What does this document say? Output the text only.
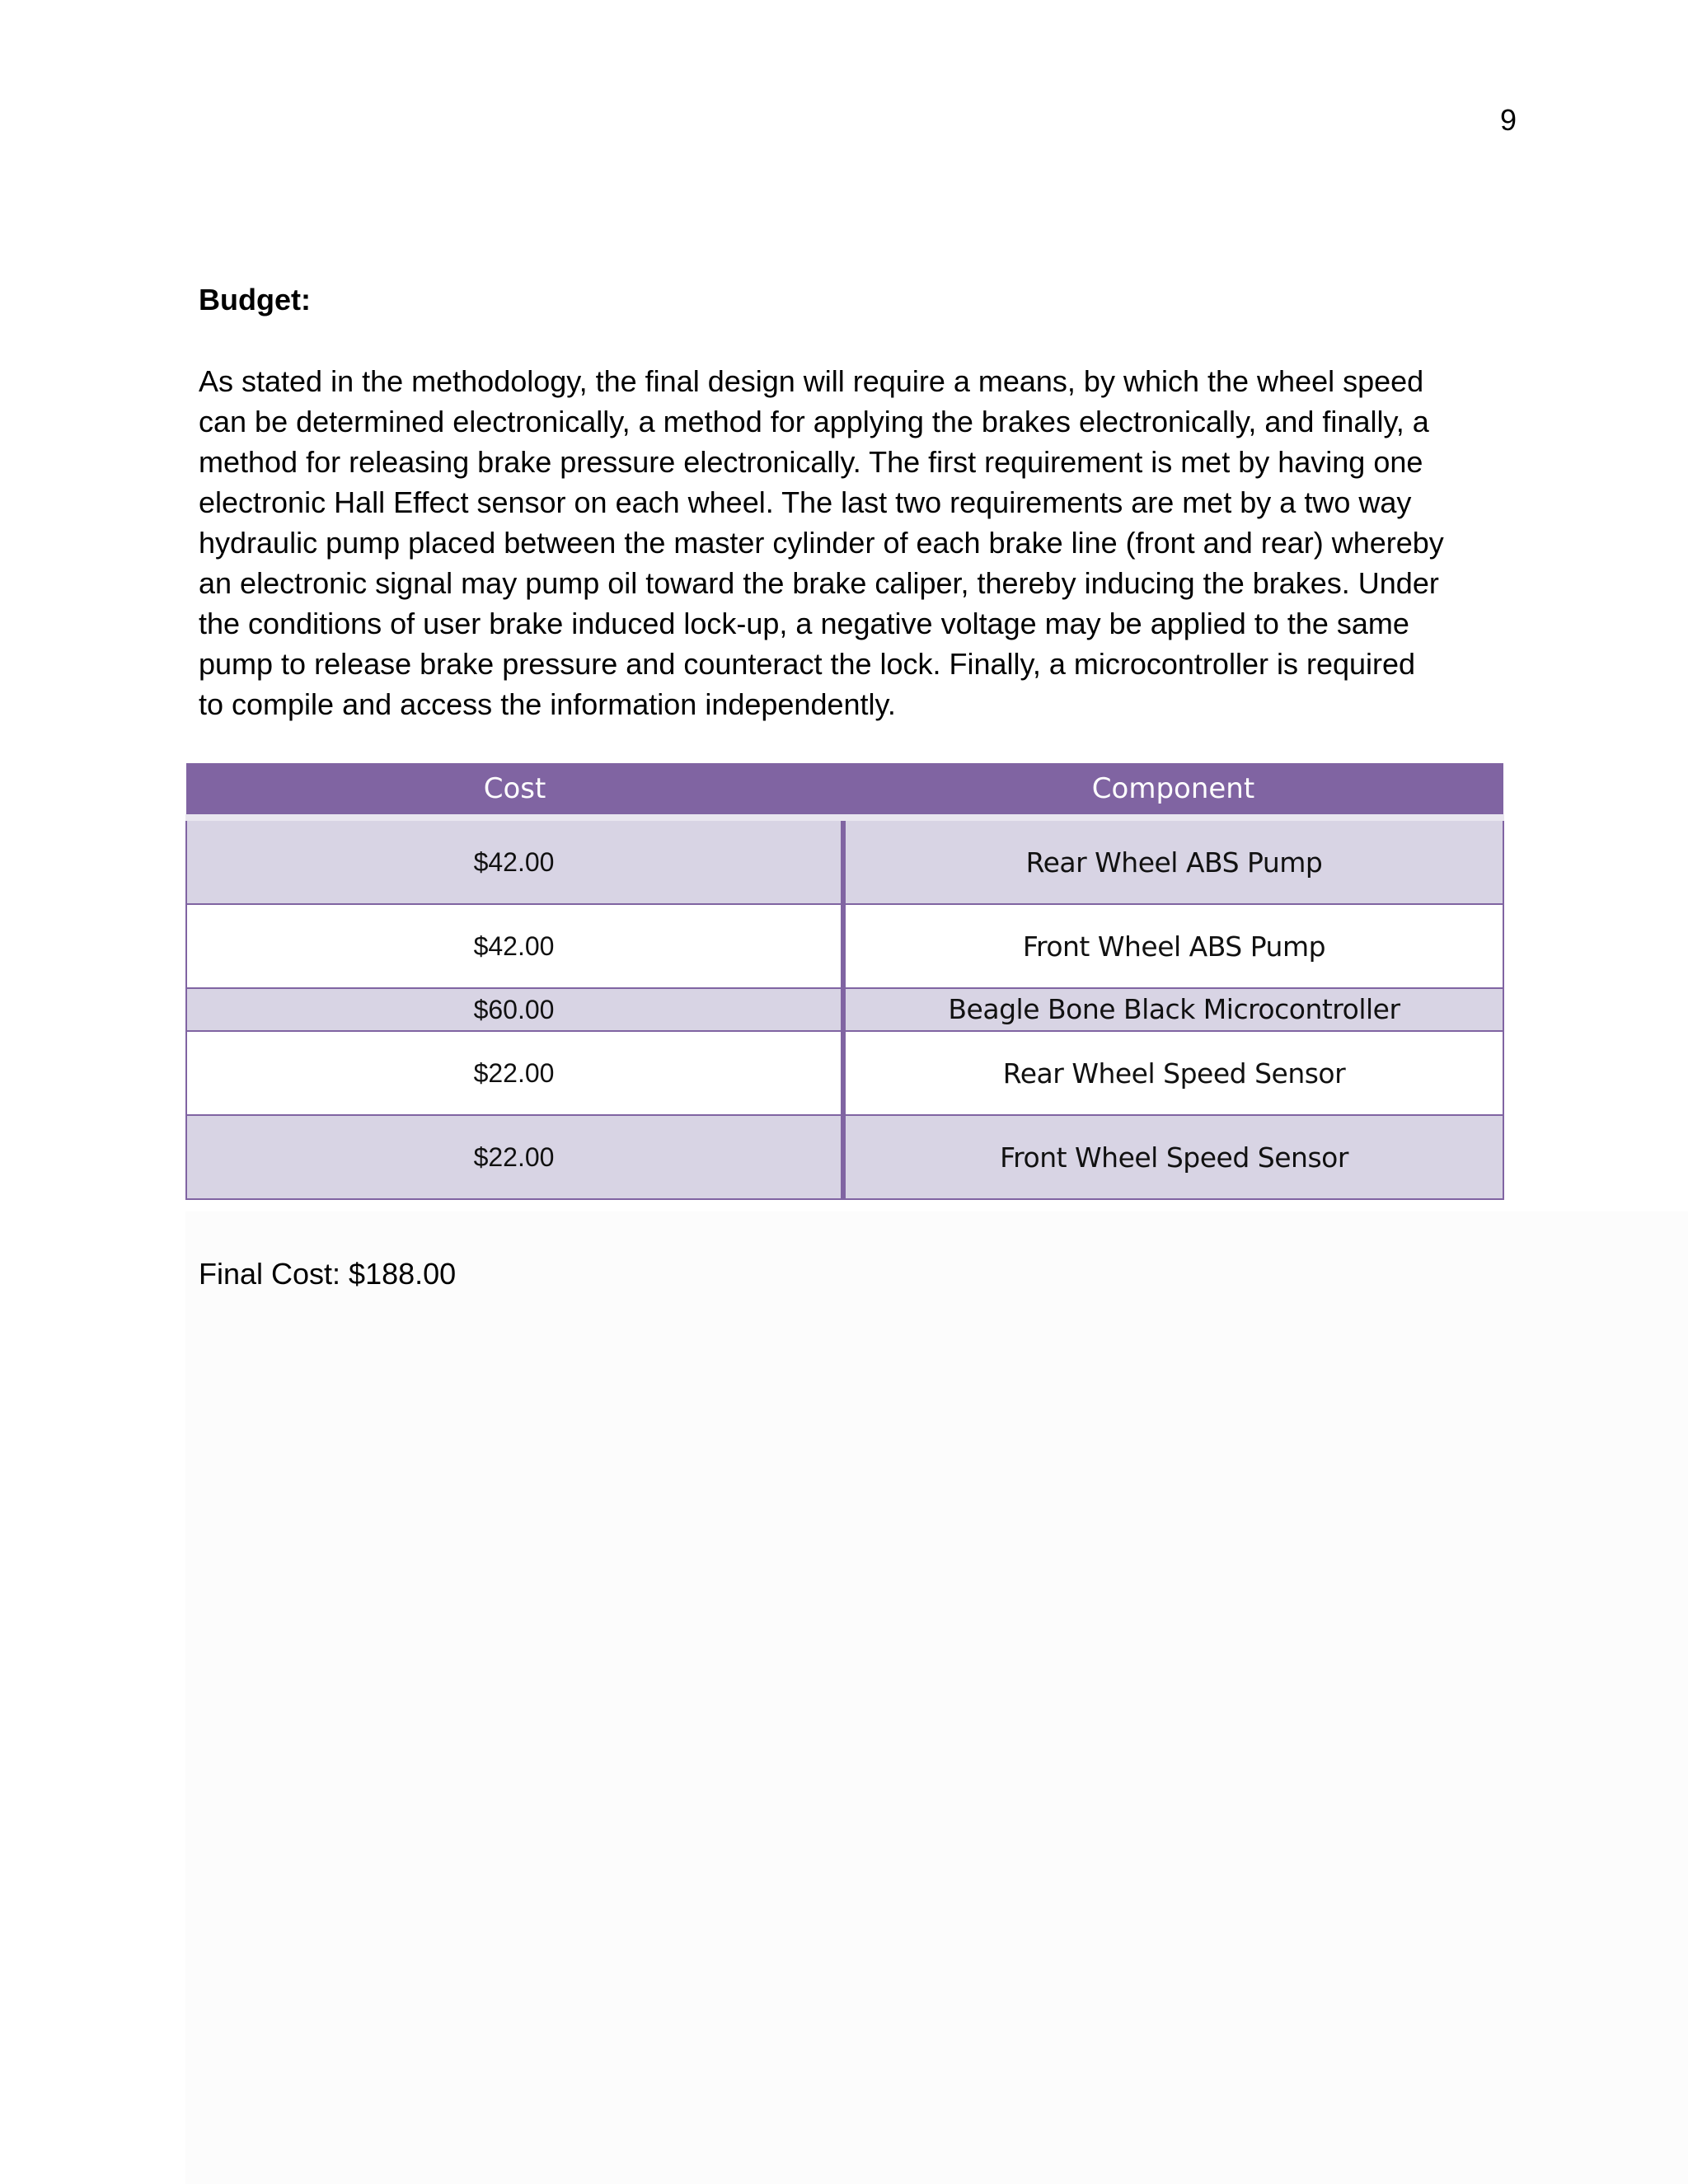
9
Budget:
As stated in the methodology, the final design will require a means, by which the wheel speed
can be determined electronically, a method for applying the brakes electronically, and finally, a
method for releasing brake pressure electronically. The first requirement is met by having one
electronic Hall Effect sensor on each wheel. The last two requirements are met by a two way
hydraulic pump placed between the master cylinder of each brake line (front and rear) whereby
an electronic signal may pump oil toward the brake caliper, thereby inducing the brakes. Under
the conditions of user brake induced lock-up, a negative voltage may be applied to the same
pump to release brake pressure and counteract the lock. Finally, a microcontroller is required
to compile and access the information independently.
Cost	Component
$42.00	Rear Wheel ABS Pump
$42.00	Front Wheel ABS Pump
$60.00	Beagle Bone Black Microcontroller
$22.00	Rear Wheel Speed Sensor
$22.00	Front Wheel Speed Sensor
Final Cost: $188.00
